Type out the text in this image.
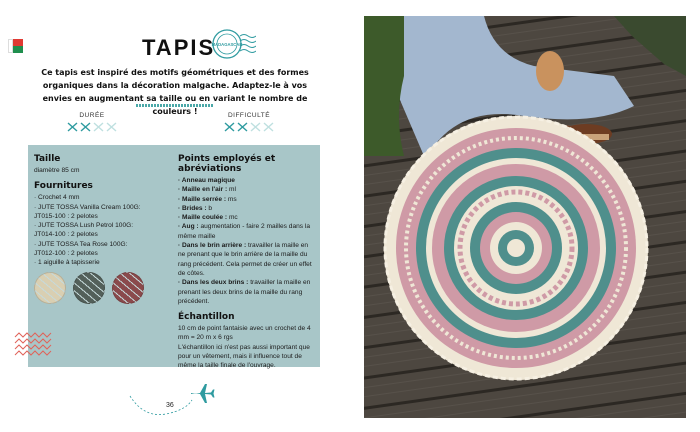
TAPIS
MADAGASCAR
Ce tapis est inspiré des motifs géométriques et des formes organiques dans la décoration malgache. Adaptez-le à vos envies en augmentant sa taille ou en variant le nombre de couleurs !
DURÉE	DIFFICULTÉ
Taille
diamètre 85 cm
Fournitures
· Crochet 4 mm
· JUTE TOSSA Vanilla Cream 100G:
JT015-100 : 2 pelotes
· JUTE TOSSA Lush Petrol 100G:
JT014-100 : 2 pelotes
· JUTE TOSSA Tea Rose 100G:
JT012-100 : 2 pelotes
· 1 aiguille à tapisserie
Points employés et abréviations
· Anneau magique
· Maille en l'air : ml
· Maille serrée : ms
· Brides : b
· Maille coulée : mc
· Aug : augmentation - faire 2 mailles dans la même maille
· Dans le brin arrière : travailler la maille en ne prenant que le brin arrière de la maille du rang précédent. Cela permet de créer un effet de côtes.
· Dans les deux brins : travailler la maille en prenant les deux brins de la maille du rang précédent.
Échantillon
10 cm de point fantaisie avec un crochet de 4 mm = 20 m x 6 rgs
L'échantillon ici n'est pas aussi important que pour un vêtement, mais il influence tout de même la taille finale de l'ouvrage.
36
